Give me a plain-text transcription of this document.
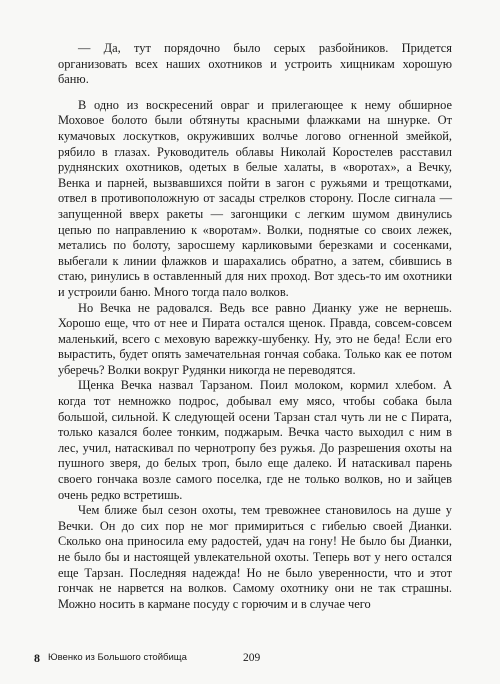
— Да, тут порядочно было серых разбойников. Придется организовать всех наших охотников и устроить хищникам хорошую баню.

В одно из воскресений овраг и прилегающее к нему обширное Моховое болото были обтянуты красными флажками на шнурке. От кумачовых лоскутков, окруживших волчье логово огненной змейкой, рябило в глазах. Руководитель облавы Николай Коростелев расставил руднянских охотников, одетых в белые халаты, в «воротах», а Вечку, Венка и парней, вызвавшихся пойти в загон с ружьями и трещотками, отвел в противоположную от засады стрелков сторону. После сигнала — запущенной вверх ракеты — загонщики с легким шумом двинулись цепью по направлению к «воротам». Волки, поднятые со своих лежек, метались по болоту, заросшему карликовыми березками и сосенками, выбегали к линии флажков и шарахались обратно, а затем, сбившись в стаю, ринулись в оставленный для них проход. Вот здесь-то им охотники и устроили баню. Много тогда пало волков.

Но Вечка не радовался. Ведь все равно Дианку уже не вернешь. Хорошо еще, что от нее и Пирата остался щенок. Правда, совсем-совсем маленький, всего с меховую варежку-шубенку. Ну, это не беда! Если его вырастить, будет опять замечательная гончая собака. Только как ее потом уберечь? Волки вокруг Рудянки никогда не переводятся.

Щенка Вечка назвал Тарзаном. Поил молоком, кормил хлебом. А когда тот немножко подрос, добывал ему мясо, чтобы собака была большой, сильной. К следующей осени Тарзан стал чуть ли не с Пирата, только казался более тонким, поджарым. Вечка часто выходил с ним в лес, учил, натаскивал по чернотропу без ружья. До разрешения охоты на пушного зверя, до белых троп, было еще далеко. И натаскивал парень своего гончака возле самого поселка, где не только волков, но и зайцев очень редко встретишь.

Чем ближе был сезон охоты, тем тревожнее становилось на душе у Вечки. Он до сих пор не мог примириться с гибелью своей Дианки. Сколько она приносила ему радостей, удач на гону! Не было бы Дианки, не было бы и настоящей увлекательной охоты. Теперь вот у него остался еще Тарзан. Последняя надежда! Но не было уверенности, что и этот гончак не нарвется на волков. Самому охотнику они не так страшны. Можно носить в кармане посуду с горючим и в случае чего

8 Ювенко из Большого стойбища	209
